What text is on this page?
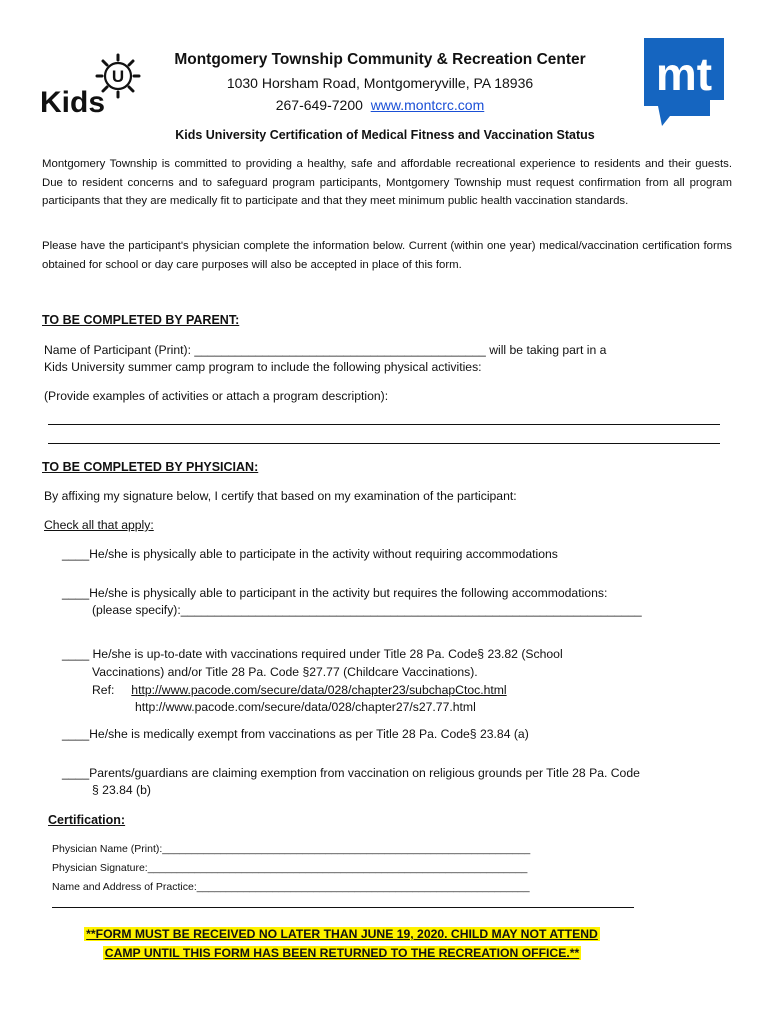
U
Kids
Montgomery Township Community & Recreation Center
1030 Horsham Road, Montgomeryville, PA 18936
267-649-7200 www.montcrc.com
mt
Kids University Certification of Medical Fitness and Vaccination Status
Montgomery Township is committed to providing a healthy, safe and affordable recreational experience to residents and their guests. Due to resident concerns and to safeguard program participants, Montgomery Township must request confirmation from all program participants that they are medically fit to participate and that they meet minimum public health vaccination standards.
Please have the participant's physician complete the information below. Current (within one year) medical/vaccination certification forms obtained for school or day care purposes will also be accepted in place of this form.
TO BE COMPLETED BY PARENT:
Name of Participant (Print): ___________________________________________ will be taking part in a
Kids University summer camp program to include the following physical activities:
(Provide examples of activities or attach a program description):
TO BE COMPLETED BY PHYSICIAN:
By affixing my signature below, I certify that based on my examination of the participant:
Check all that apply:
____He/she is physically able to participate in the activity without requiring accommodations
____He/she is physically able to participant in the activity but requires the following accommodations:
(please specify):____________________________________________________________________
____ He/she is up-to-date with vaccinations required under Title 28 Pa. Code§ 23.82 (School
Vaccinations) and/or Title 28 Pa. Code §27.77 (Childcare Vaccinations).
Ref: http://www.pacode.com/secure/data/028/chapter23/subchapCtoc.html
http://www.pacode.com/secure/data/028/chapter27/s27.77.html
____He/she is medically exempt from vaccinations as per Title 28 Pa. Code§ 23.84 (a)
____Parents/guardians are claiming exemption from vaccination on religious grounds per Title 28 Pa. Code
§ 23.84 (b)
Certification:
Physician Name (Print):_______________________________________________________________
Physician Signature:_________________________________________________________________
Name and Address of Practice:_________________________________________________________
**FORM MUST BE RECEIVED NO LATER THAN JUNE 19, 2020. CHILD MAY NOT ATTEND
CAMP UNTIL THIS FORM HAS BEEN RETURNED TO THE RECREATION OFFICE.**
